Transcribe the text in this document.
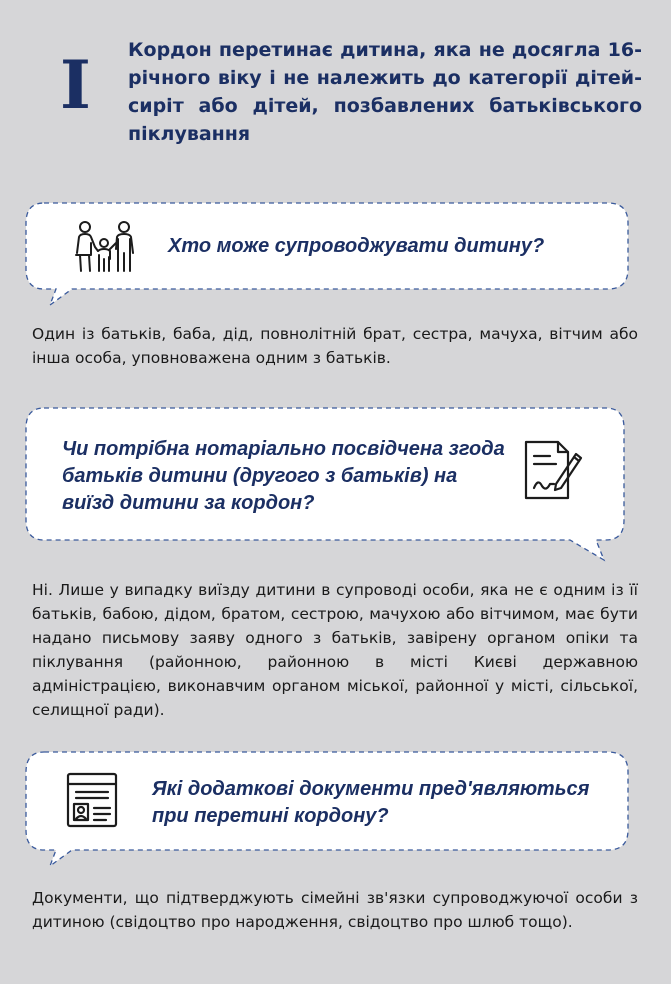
I Кордон перетинає дитина, яка не досягла 16-річного віку і не належить до категорії дітей-сиріт або дітей, позбавлених батьківського піклування

Хто може супроводжувати дитину?

Один із батьків, баба, дід, повнолітній брат, сестра, мачуха, вітчим або інша особа, уповноважена одним з батьків.

Чи потрібна нотаріально посвідчена згода батьків дитини (другого з батьків) на виїзд дитини за кордон?

Ні. Лише у випадку виїзду дитини в супроводі особи, яка не є одним із її батьків, бабою, дідом, братом, сестрою, мачухою або вітчимом, має бути надано письмову заяву одного з батьків, завірену органом опіки та піклування (районною, районною в місті Києві державною адміністрацією, виконавчим органом міської, районної у місті, сільської, селищної ради).

Які додаткові документи пред'являються при перетині кордону?

Документи, що підтверджують сімейні зв'язки супроводжуючої особи з дитиною (свідоцтво про народження, свідоцтво про шлюб тощо).
